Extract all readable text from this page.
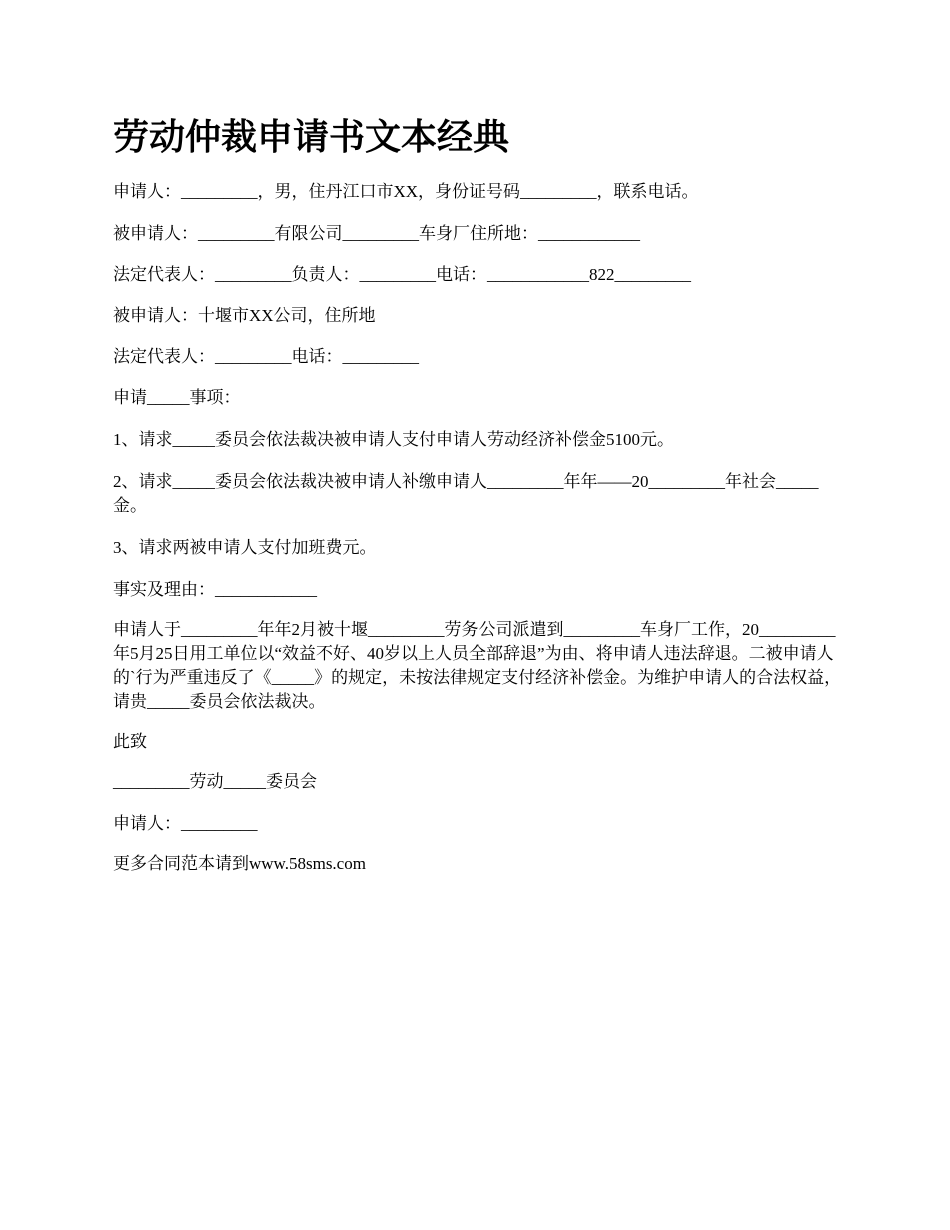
劳动仲裁申请书文本经典

申请人：_________，男，住丹江口市XX，身份证号码_________，联系电话。

被申请人：_________有限公司_________车身厂住所地：____________

法定代表人：_________负责人：_________电话：____________822_________

被申请人：十堰市XX公司，住所地

法定代表人：_________电话：_________

申请_____事项：

1、请求_____委员会依法裁决被申请人支付申请人劳动经济补偿金5100元。

2、请求_____委员会依法裁决被申请人补缴申请人_________年年——20_________年社会_____金。

3、请求两被申请人支付加班费元。

事实及理由：____________

申请人于_________年年2月被十堰_________劳务公司派遣到_________车身厂工作，20_________年5月25日用工单位以“效益不好、40岁以上人员全部辞退”为由、将申请人违法辞退。二被申请人的`行为严重违反了《_____》的规定，未按法律规定支付经济补偿金。为维护申请人的合法权益，请贵_____委员会依法裁决。

此致

_________劳动_____委员会

申请人：_________

更多合同范本请到www.58sms.com
